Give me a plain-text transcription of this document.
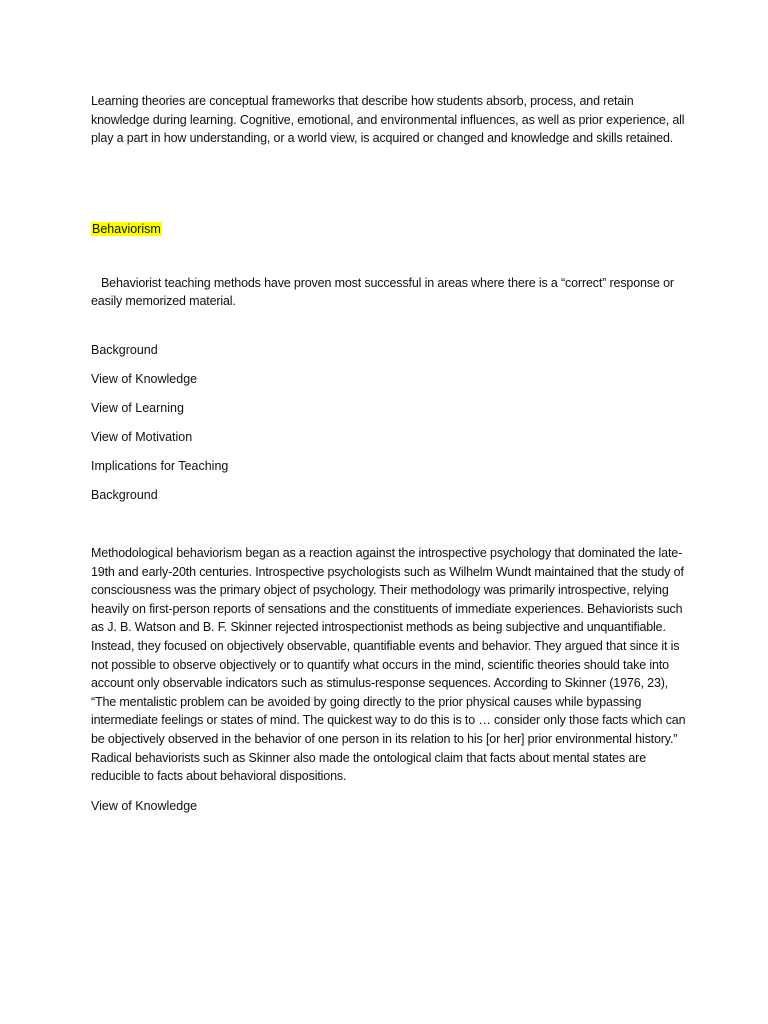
Learning theories are conceptual frameworks that describe how students absorb, process, and retain knowledge during learning. Cognitive, emotional, and environmental influences, as well as prior experience, all play a part in how understanding, or a world view, is acquired or changed and knowledge and skills retained.

Behaviorism

Behaviorist teaching methods have proven most successful in areas where there is a “correct” response or easily memorized material.

Background
View of Knowledge
View of Learning
View of Motivation
Implications for Teaching
Background

Methodological behaviorism began as a reaction against the introspective psychology that dominated the late-19th and early-20th centuries. Introspective psychologists such as Wilhelm Wundt maintained that the study of consciousness was the primary object of psychology. Their methodology was primarily introspective, relying heavily on first-person reports of sensations and the constituents of immediate experiences. Behaviorists such as J. B. Watson and B. F. Skinner rejected introspectionist methods as being subjective and unquantifiable. Instead, they focused on objectively observable, quantifiable events and behavior. They argued that since it is not possible to observe objectively or to quantify what occurs in the mind, scientific theories should take into account only observable indicators such as stimulus-response sequences. According to Skinner (1976, 23), “The mentalistic problem can be avoided by going directly to the prior physical causes while bypassing intermediate feelings or states of mind. The quickest way to do this is to … consider only those facts which can be objectively observed in the behavior of one person in its relation to his [or her] prior environmental history.” Radical behaviorists such as Skinner also made the ontological claim that facts about mental states are reducible to facts about behavioral dispositions.

View of Knowledge
